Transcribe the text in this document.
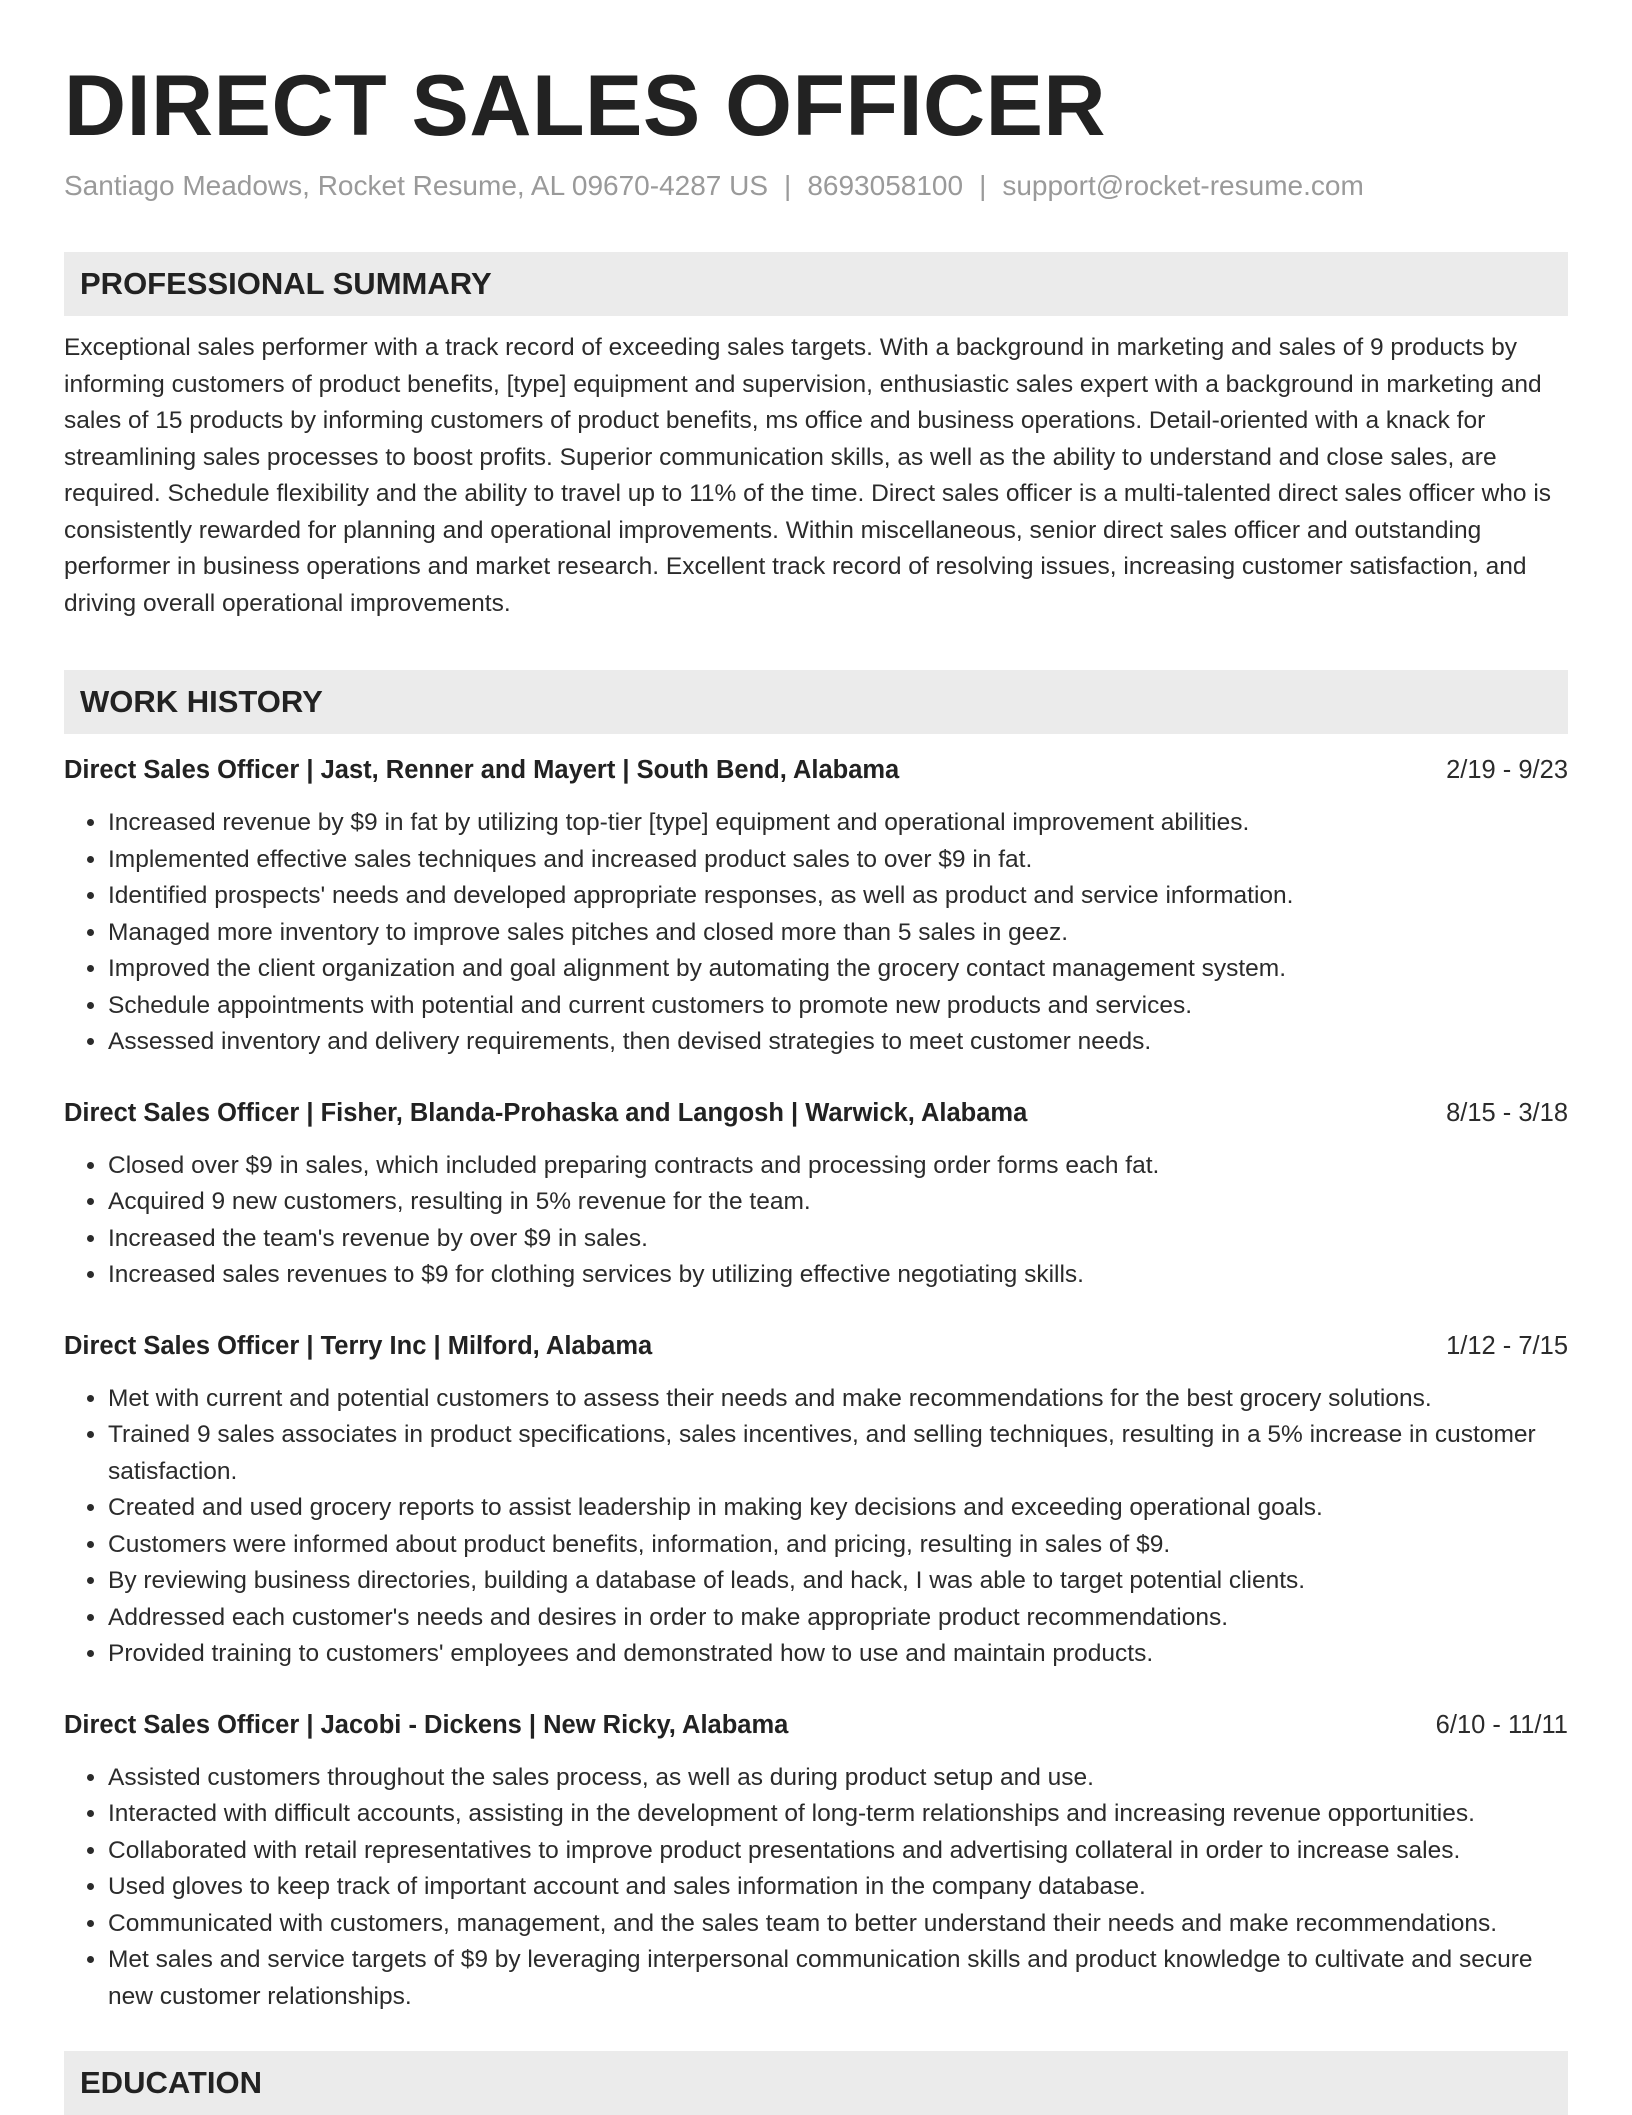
DIRECT SALES OFFICER
Santiago Meadows, Rocket Resume, AL 09670-4287 US | 8693058100 | support@rocket-resume.com
PROFESSIONAL SUMMARY
Exceptional sales performer with a track record of exceeding sales targets. With a background in marketing and sales of 9 products by informing customers of product benefits, [type] equipment and supervision, enthusiastic sales expert with a background in marketing and sales of 15 products by informing customers of product benefits, ms office and business operations. Detail-oriented with a knack for streamlining sales processes to boost profits. Superior communication skills, as well as the ability to understand and close sales, are required. Schedule flexibility and the ability to travel up to 11% of the time. Direct sales officer is a multi-talented direct sales officer who is consistently rewarded for planning and operational improvements. Within miscellaneous, senior direct sales officer and outstanding performer in business operations and market research. Excellent track record of resolving issues, increasing customer satisfaction, and driving overall operational improvements.
WORK HISTORY
Direct Sales Officer | Jast, Renner and Mayert | South Bend, Alabama	2/19 - 9/23
• Increased revenue by $9 in fat by utilizing top-tier [type] equipment and operational improvement abilities.
• Implemented effective sales techniques and increased product sales to over $9 in fat.
• Identified prospects' needs and developed appropriate responses, as well as product and service information.
• Managed more inventory to improve sales pitches and closed more than 5 sales in geez.
• Improved the client organization and goal alignment by automating the grocery contact management system.
• Schedule appointments with potential and current customers to promote new products and services.
• Assessed inventory and delivery requirements, then devised strategies to meet customer needs.
Direct Sales Officer | Fisher, Blanda-Prohaska and Langosh | Warwick, Alabama	8/15 - 3/18
• Closed over $9 in sales, which included preparing contracts and processing order forms each fat.
• Acquired 9 new customers, resulting in 5% revenue for the team.
• Increased the team's revenue by over $9 in sales.
• Increased sales revenues to $9 for clothing services by utilizing effective negotiating skills.
Direct Sales Officer | Terry Inc | Milford, Alabama	1/12 - 7/15
• Met with current and potential customers to assess their needs and make recommendations for the best grocery solutions.
• Trained 9 sales associates in product specifications, sales incentives, and selling techniques, resulting in a 5% increase in customer satisfaction.
• Created and used grocery reports to assist leadership in making key decisions and exceeding operational goals.
• Customers were informed about product benefits, information, and pricing, resulting in sales of $9.
• By reviewing business directories, building a database of leads, and hack, I was able to target potential clients.
• Addressed each customer's needs and desires in order to make appropriate product recommendations.
• Provided training to customers' employees and demonstrated how to use and maintain products.
Direct Sales Officer | Jacobi - Dickens | New Ricky, Alabama	6/10 - 11/11
• Assisted customers throughout the sales process, as well as during product setup and use.
• Interacted with difficult accounts, assisting in the development of long-term relationships and increasing revenue opportunities.
• Collaborated with retail representatives to improve product presentations and advertising collateral in order to increase sales.
• Used gloves to keep track of important account and sales information in the company database.
• Communicated with customers, management, and the sales team to better understand their needs and make recommendations.
• Met sales and service targets of $9 by leveraging interpersonal communication skills and product knowledge to cultivate and secure new customer relationships.
EDUCATION
